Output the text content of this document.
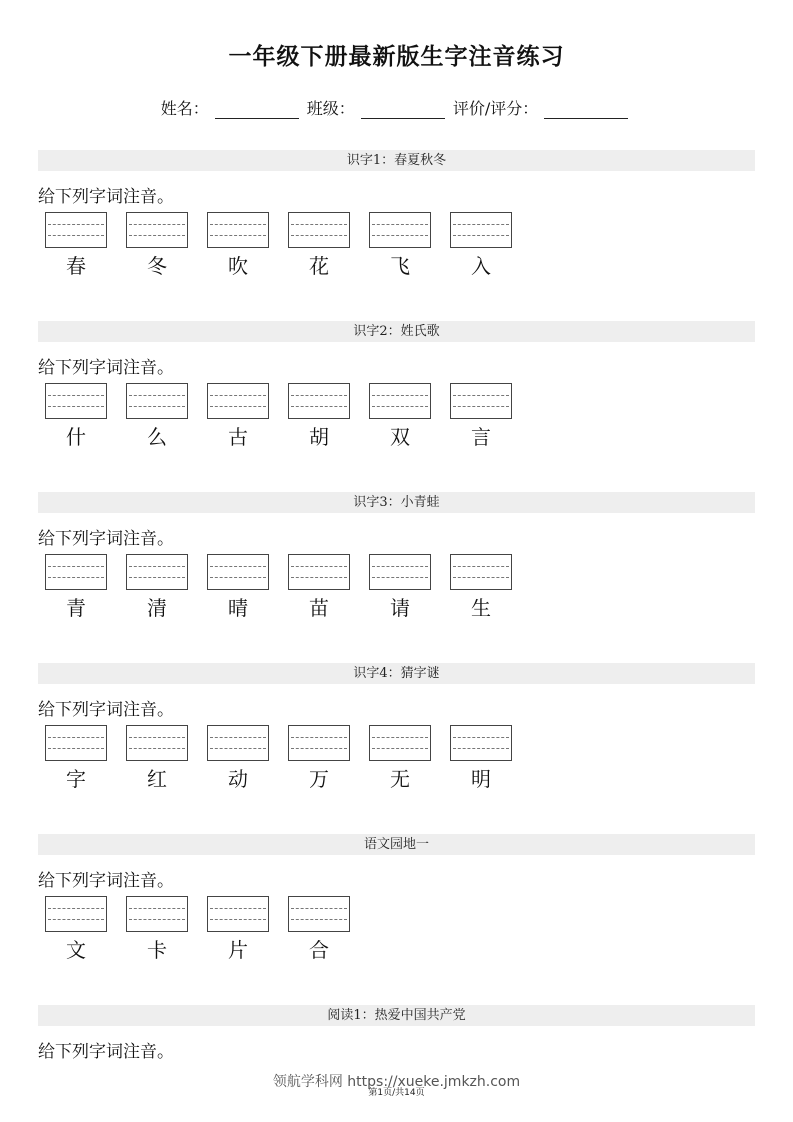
一年级下册最新版生字注音练习
姓名：	班级：	评价/评分：
识字1：春夏秋冬
给下列字词注音。
春	冬	吹	花	飞	入
识字2：姓氏歌
给下列字词注音。
什	么	古	胡	双	言
识字3：小青蛙
给下列字词注音。
青	清	晴	苗	请	生
识字4：猜字谜
给下列字词注音。
字	红	动	万	无	明
语文园地一
给下列字词注音。
文	卡	片	合
阅读1：热爱中国共产党
给下列字词注音。
领航学科网 https://xueke.jmkzh.com
第1页/共14页
